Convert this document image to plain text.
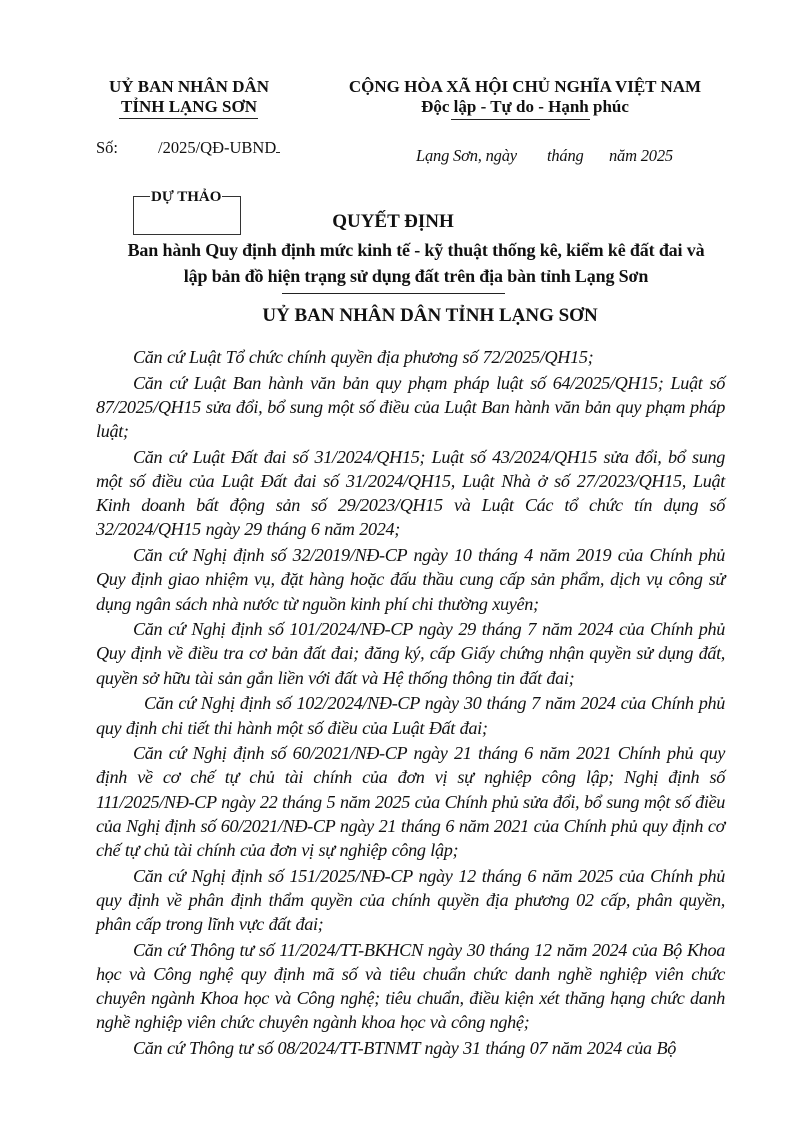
UỶ BAN NHÂN DÂN
TỈNH LẠNG SƠN
CỘNG HÒA XÃ HỘI CHỦ NGHĨA VIỆT NAM
Độc lập - Tự do - Hạnh phúc
Số: /2025/QĐ-UBND	Lạng Sơn, ngày tháng năm 2025
DỰ THẢO
QUYẾT ĐỊNH
Ban hành Quy định định mức kinh tế - kỹ thuật thống kê, kiểm kê đất đai và lập bản đồ hiện trạng sử dụng đất trên địa bàn tỉnh Lạng Sơn
UỶ BAN NHÂN DÂN TỈNH LẠNG SƠN

Căn cứ Luật Tổ chức chính quyền địa phương số 72/2025/QH15;

Căn cứ Luật Ban hành văn bản quy phạm pháp luật số 64/2025/QH15; Luật số 87/2025/QH15 sửa đổi, bổ sung một số điều của Luật Ban hành văn bản quy phạm pháp luật;

Căn cứ Luật Đất đai số 31/2024/QH15; Luật số 43/2024/QH15 sửa đổi, bổ sung một số điều của Luật Đất đai số 31/2024/QH15, Luật Nhà ở số 27/2023/QH15, Luật Kinh doanh bất động sản số 29/2023/QH15 và Luật Các tổ chức tín dụng số 32/2024/QH15 ngày 29 tháng 6 năm 2024;

Căn cứ Nghị định số 32/2019/NĐ-CP ngày 10 tháng 4 năm 2019 của Chính phủ Quy định giao nhiệm vụ, đặt hàng hoặc đấu thầu cung cấp sản phẩm, dịch vụ công sử dụng ngân sách nhà nước từ nguồn kinh phí chi thường xuyên;

Căn cứ Nghị định số 101/2024/NĐ-CP ngày 29 tháng 7 năm 2024 của Chính phủ Quy định về điều tra cơ bản đất đai; đăng ký, cấp Giấy chứng nhận quyền sử dụng đất, quyền sở hữu tài sản gắn liền với đất và Hệ thống thông tin đất đai;

Căn cứ Nghị định số 102/2024/NĐ-CP ngày 30 tháng 7 năm 2024 của Chính phủ quy định chi tiết thi hành một số điều của Luật Đất đai;

Căn cứ Nghị định số 60/2021/NĐ-CP ngày 21 tháng 6 năm 2021 Chính phủ quy định về cơ chế tự chủ tài chính của đơn vị sự nghiệp công lập; Nghị định số 111/2025/NĐ-CP ngày 22 tháng 5 năm 2025 của Chính phủ sửa đổi, bổ sung một số điều của Nghị định số 60/2021/NĐ-CP ngày 21 tháng 6 năm 2021 của Chính phủ quy định cơ chế tự chủ tài chính của đơn vị sự nghiệp công lập;

Căn cứ Nghị định số 151/2025/NĐ-CP ngày 12 tháng 6 năm 2025 của Chính phủ quy định về phân định thẩm quyền của chính quyền địa phương 02 cấp, phân quyền, phân cấp trong lĩnh vực đất đai;

Căn cứ Thông tư số 11/2024/TT-BKHCN ngày 30 tháng 12 năm 2024 của Bộ Khoa học và Công nghệ quy định mã số và tiêu chuẩn chức danh nghề nghiệp viên chức chuyên ngành Khoa học và Công nghệ; tiêu chuẩn, điều kiện xét thăng hạng chức danh nghề nghiệp viên chức chuyên ngành khoa học và công nghệ;

Căn cứ Thông tư số 08/2024/TT-BTNMT ngày 31 tháng 07 năm 2024 của Bộ
